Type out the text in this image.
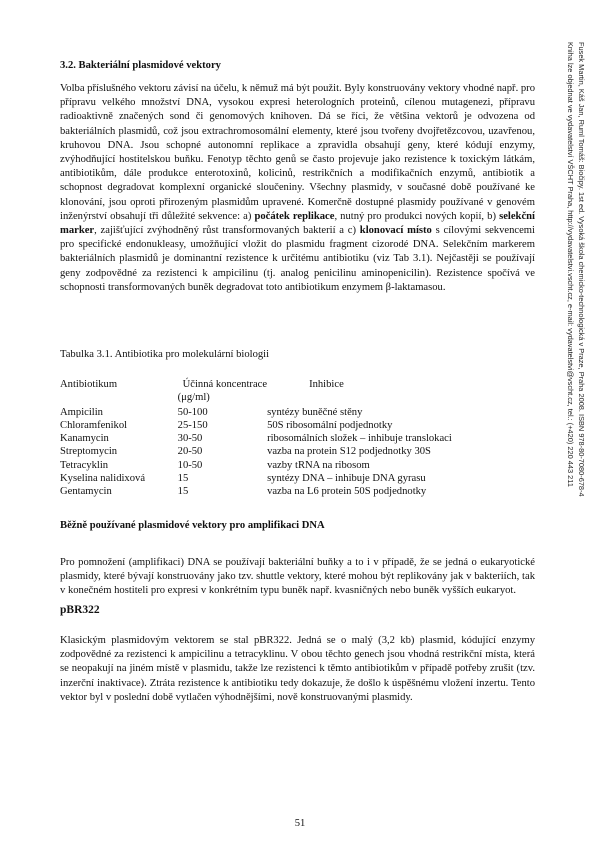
Fusek Martin, Káš Jan, Ruml Tomáš: Biočipy. 1st ed. Vysoká škola chemicko-technologická v Praze, Praha 2008. ISBN 978-80-7080-678-4
Kniha lze objednat ve vydavatelství VŠCHT Praha, http://vydavatelstvi.vscht.cz, e-mail: vydavatelstvi@vscht.cz, tel.: (+420) 220 443 211
3.2. Bakteriální plasmidové vektory

Volba příslušného vektoru závisí na účelu, k němuž má být použit. Byly konstruovány vektory vhodné např. pro přípravu velkého množství DNA, vysokou expresi heterologních proteinů, cílenou mutagenezi, přípravu radioaktivně značených sond či genomových knihoven. Dá se říci, že většina vektorů je odvozena od bakteriálních plasmidů, což jsou extrachromosomální elementy, které jsou tvořeny dvojřetězcovou, uzavřenou, kruhovou DNA. Jsou schopné autonomní replikace a zpravidla obsahují geny, které kódují enzymy, zvýhodňující hostitelskou buňku. Fenotyp těchto genů se často projevuje jako rezistence k toxickým látkám, antibiotikům, dále produkce enterotoxinů, kolicinů, restrikčních a modifikačních enzymů, antibiotik a schopnost degradovat komplexní organické sloučeniny. Všechny plasmidy, v současné době používané ke klonování, jsou oproti přirozeným plasmidům upravené. Komerčně dostupné plasmidy používané v genovém inženýrství obsahují tři důležité sekvence: a) počátek replikace, nutný pro produkci nových kopií, b) selekční marker, zajišťující zvýhodněný růst transformovaných bakterií a c) klonovací místo s cílovými sekvencemi pro specifické endonukleasy, umožňující vložit do plasmidu fragment cizorodé DNA. Selekčním markerem bakteriálních plasmidů je dominantní rezistence k určitému antibiotiku (viz Tab 3.1). Nejčastěji se používají geny zodpovědné za rezistenci k ampicilinu (tj. analog penicilinu aminopenicilin). Rezistence spočívá ve schopnosti transformovaných buněk degradovat toto antibiotikum enzymem β-laktamasou.

Tabulka 3.1. Antibiotika pro molekulární biologii

Antibiotikum	Účinná koncentrace	Inhibice
	(μg/ml)	
Ampicilin	50-100	syntézy buněčné stěny
Chloramfenikol	25-150	50S ribosomální podjednotky
Kanamycin	30-50	ribosomálních složek – inhibuje translokaci
Streptomycin	20-50	vazba na protein S12 podjednotky 30S
Tetracyklin	10-50	vazby tRNA na ribosom
Kyselina nalidixová	15	syntézy DNA – inhibuje DNA gyrasu
Gentamycin	15	vazba na L6 protein 50S podjednotky
Běžně používané plasmidové vektory pro amplifikaci DNA

Pro pomnožení (amplifikaci) DNA se používají bakteriální buňky a to i v případě, že se jedná o eukaryotické plasmidy, které bývají konstruovány jako tzv. shuttle vektory, které mohou být replikovány jak v bakteriích, tak v konečném hostiteli pro expresi v konkrétním typu buněk např. kvasničných nebo buněk vyšších eukaryot.

pBR322

Klasickým plasmidovým vektorem se stal pBR322. Jedná se o malý (3,2 kb) plasmid, kódující enzymy zodpovědné za rezistenci k ampicilinu a tetracyklinu. V obou těchto genech jsou vhodná restrikční místa, která se neopakují na jiném místě v plasmidu, takže lze rezistenci k těmto antibiotikům v případě potřeby zrušit (tzv. inzerční inaktivace). Ztráta rezistence k antibiotiku tedy dokazuje, že došlo k úspěšnému vložení inzertu. Tento vektor byl v poslední době vytlačen výhodnějšími, nově konstruovanými plasmidy.

51
